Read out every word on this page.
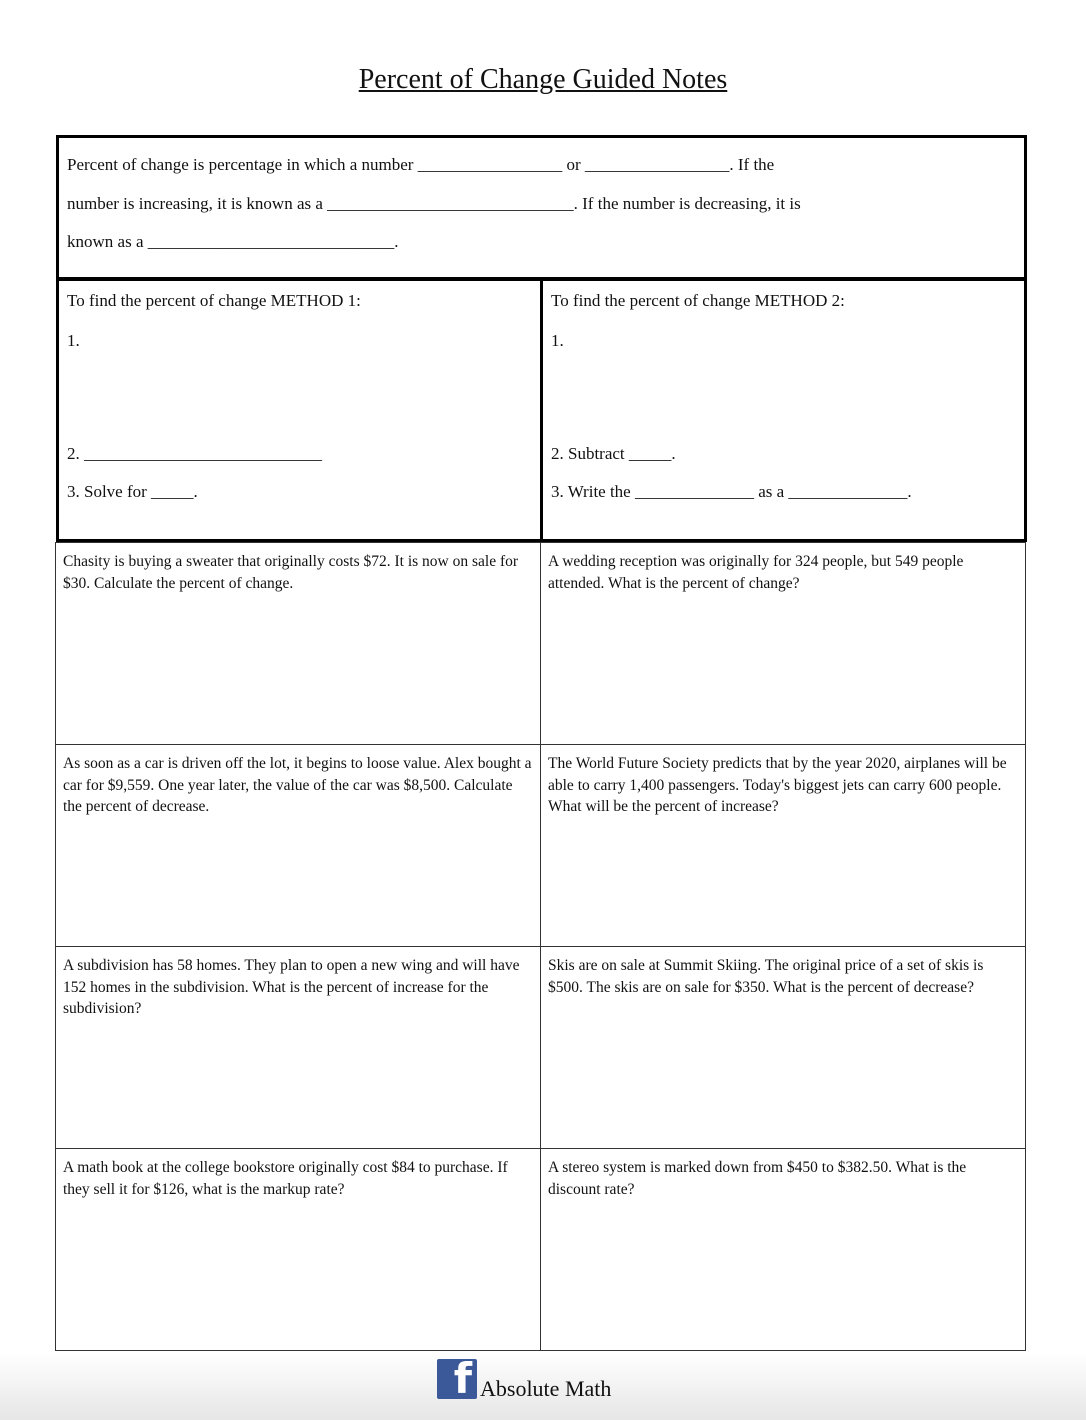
Percent of Change Guided Notes
Percent of change is percentage in which a number _________________ or _________________. If the
number is increasing, it is known as a _____________________________. If the number is decreasing, it is
known as a _____________________________.
To find the percent of change METHOD 1:
1.
2. ____________________________
3. Solve for _____.
To find the percent of change METHOD 2:
1.
2. Subtract _____.
3. Write the ______________ as a ______________.
Chasity is buying a sweater that originally costs $72. It is now on sale for $30. Calculate the percent of change.
A wedding reception was originally for 324 people, but 549 people attended. What is the percent of change?
As soon as a car is driven off the lot, it begins to loose value. Alex bought a car for $9,559. One year later, the value of the car was $8,500. Calculate the percent of decrease.
The World Future Society predicts that by the year 2020, airplanes will be able to carry 1,400 passengers. Today's biggest jets can carry 600 people. What will be the percent of increase?
A subdivision has 58 homes. They plan to open a new wing and will have 152 homes in the subdivision. What is the percent of increase for the subdivision?
Skis are on sale at Summit Skiing. The original price of a set of skis is $500. The skis are on sale for $350. What is the percent of decrease?
A math book at the college bookstore originally cost $84 to purchase. If they sell it for $126, what is the markup rate?
A stereo system is marked down from $450 to $382.50. What is the discount rate?
f Absolute Math
